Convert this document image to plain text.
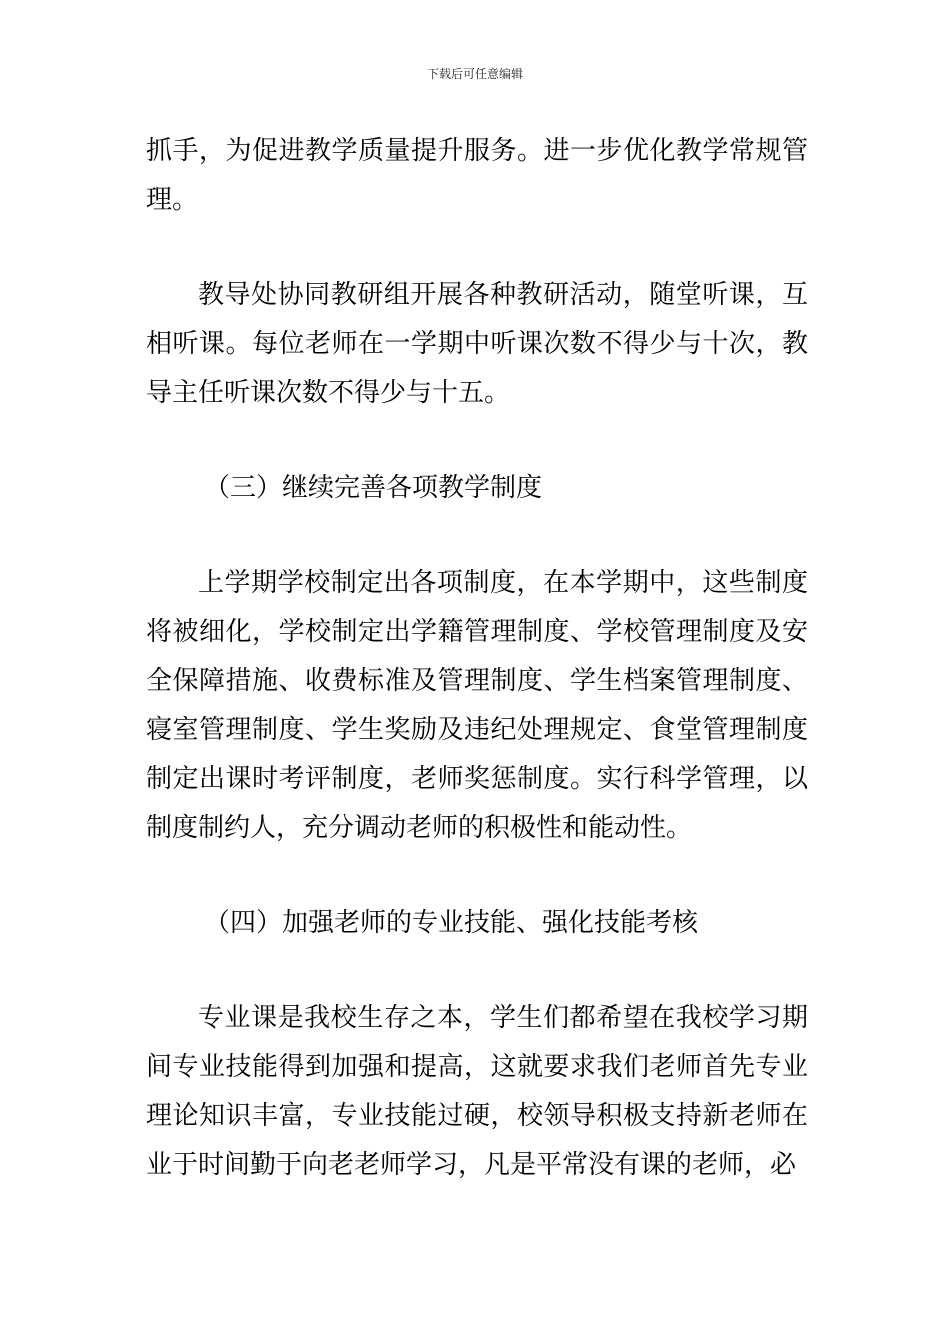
下载后可任意编辑

抓手，为促进教学质量提升服务。进一步优化教学常规管理。

教导处协同教研组开展各种教研活动，随堂听课，互相听课。每位老师在一学期中听课次数不得少与十次，教导主任听课次数不得少与十五。

（三）继续完善各项教学制度

上学期学校制定出各项制度，在本学期中，这些制度将被细化，学校制定出学籍管理制度、学校管理制度及安全保障措施、收费标准及管理制度、学生档案管理制度、寝室管理制度、学生奖励及违纪处理规定、食堂管理制度制定出课时考评制度，老师奖惩制度。实行科学管理，以制度制约人，充分调动老师的积极性和能动性。

（四）加强老师的专业技能、强化技能考核

专业课是我校生存之本，学生们都希望在我校学习期间专业技能得到加强和提高，这就要求我们老师首先专业理论知识丰富，专业技能过硬，校领导积极支持新老师在业于时间勤于向老老师学习，凡是平常没有课的老师，必
